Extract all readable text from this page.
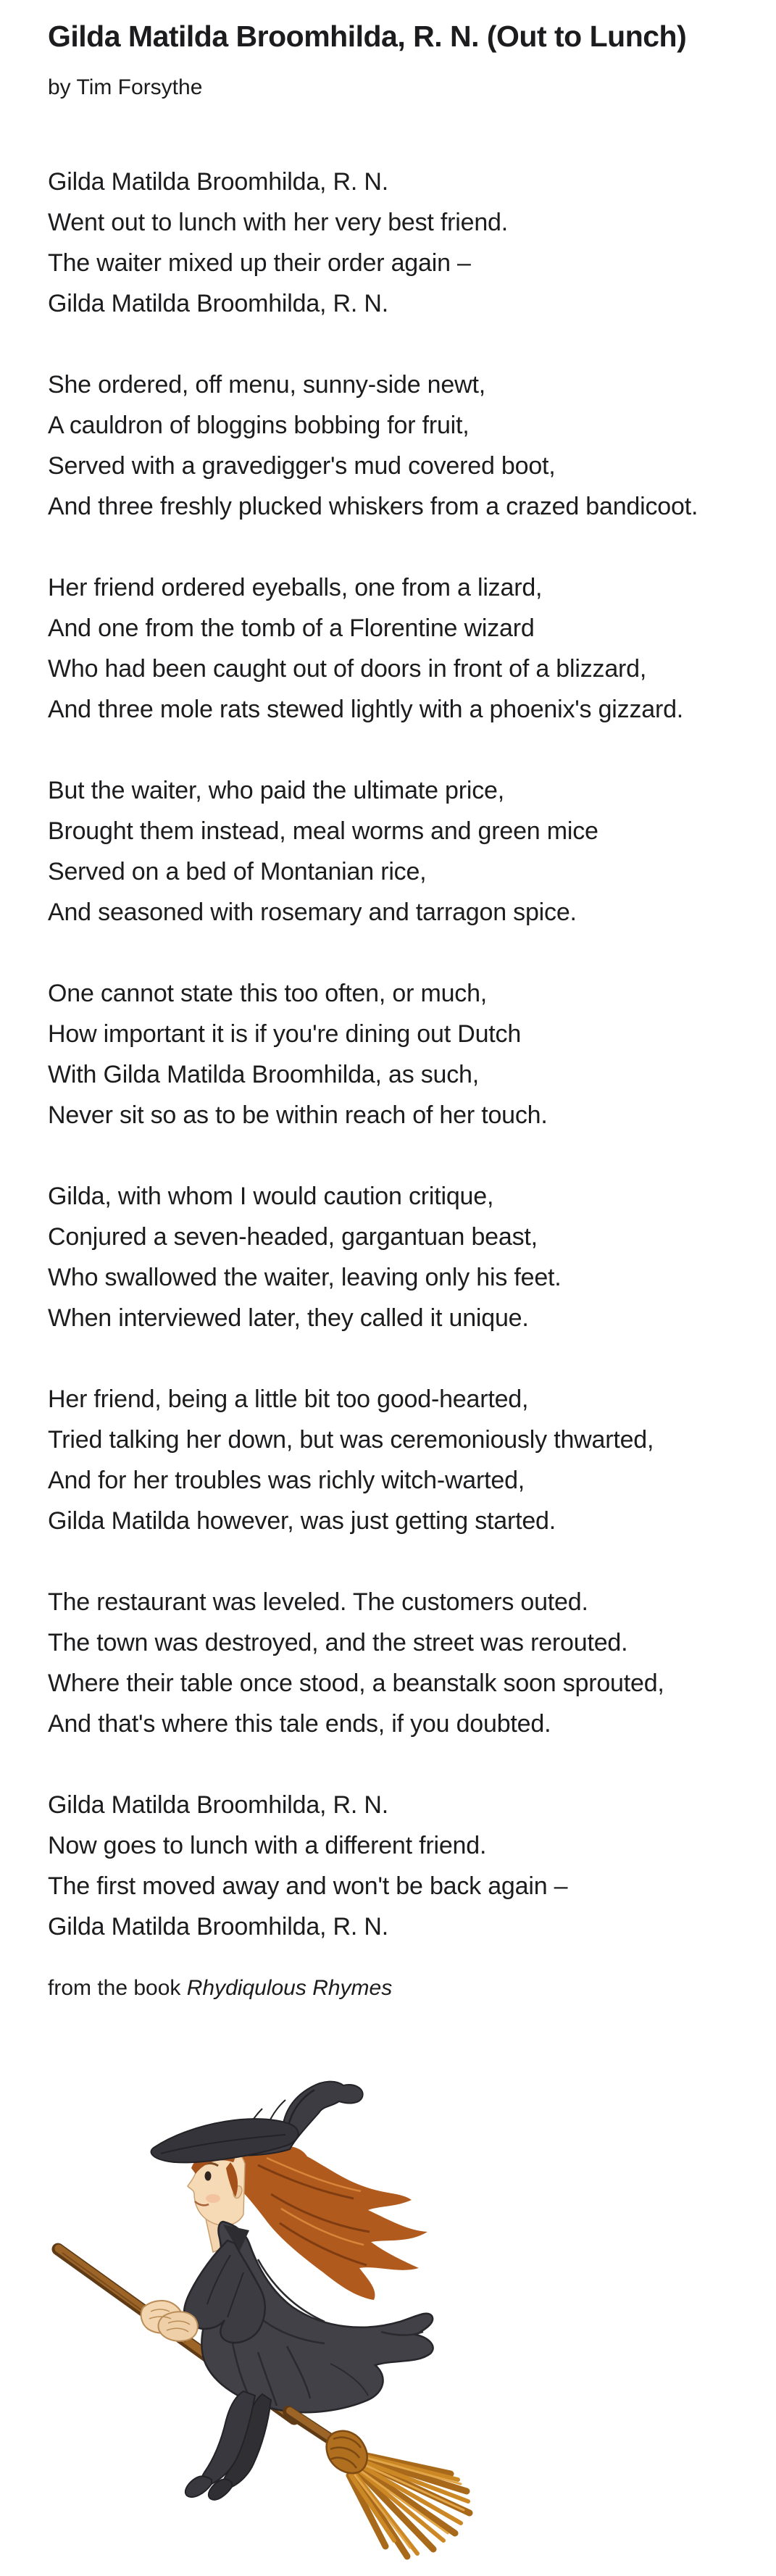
Gilda Matilda Broomhilda, R. N. (Out to Lunch)

by Tim Forsythe

Gilda Matilda Broomhilda, R. N.

Went out to lunch with her very best friend.

The waiter mixed up their order again –

Gilda Matilda Broomhilda, R. N.

She ordered, off menu, sunny-side newt,

A cauldron of bloggins bobbing for fruit,

Served with a gravedigger's mud covered boot,

And three freshly plucked whiskers from a crazed bandicoot.

Her friend ordered eyeballs, one from a lizard,

And one from the tomb of a Florentine wizard

Who had been caught out of doors in front of a blizzard,

And three mole rats stewed lightly with a phoenix's gizzard.

But the waiter, who paid the ultimate price,

Brought them instead, meal worms and green mice

Served on a bed of Montanian rice,

And seasoned with rosemary and tarragon spice.

One cannot state this too often, or much,

How important it is if you're dining out Dutch

With Gilda Matilda Broomhilda, as such,

Never sit so as to be within reach of her touch.

Gilda, with whom I would caution critique,

Conjured a seven-headed, gargantuan beast,

Who swallowed the waiter, leaving only his feet.

When interviewed later, they called it unique.

Her friend, being a little bit too good-hearted,

Tried talking her down, but was ceremoniously thwarted,

And for her troubles was richly witch-warted,

Gilda Matilda however, was just getting started.

The restaurant was leveled. The customers outed.

The town was destroyed, and the street was rerouted.

Where their table once stood, a beanstalk soon sprouted,

And that's where this tale ends, if you doubted.

Gilda Matilda Broomhilda, R. N.

Now goes to lunch with a different friend.

The first moved away and won't be back again –

Gilda Matilda Broomhilda, R. N.

from the book Rhydiqulous Rhymes
